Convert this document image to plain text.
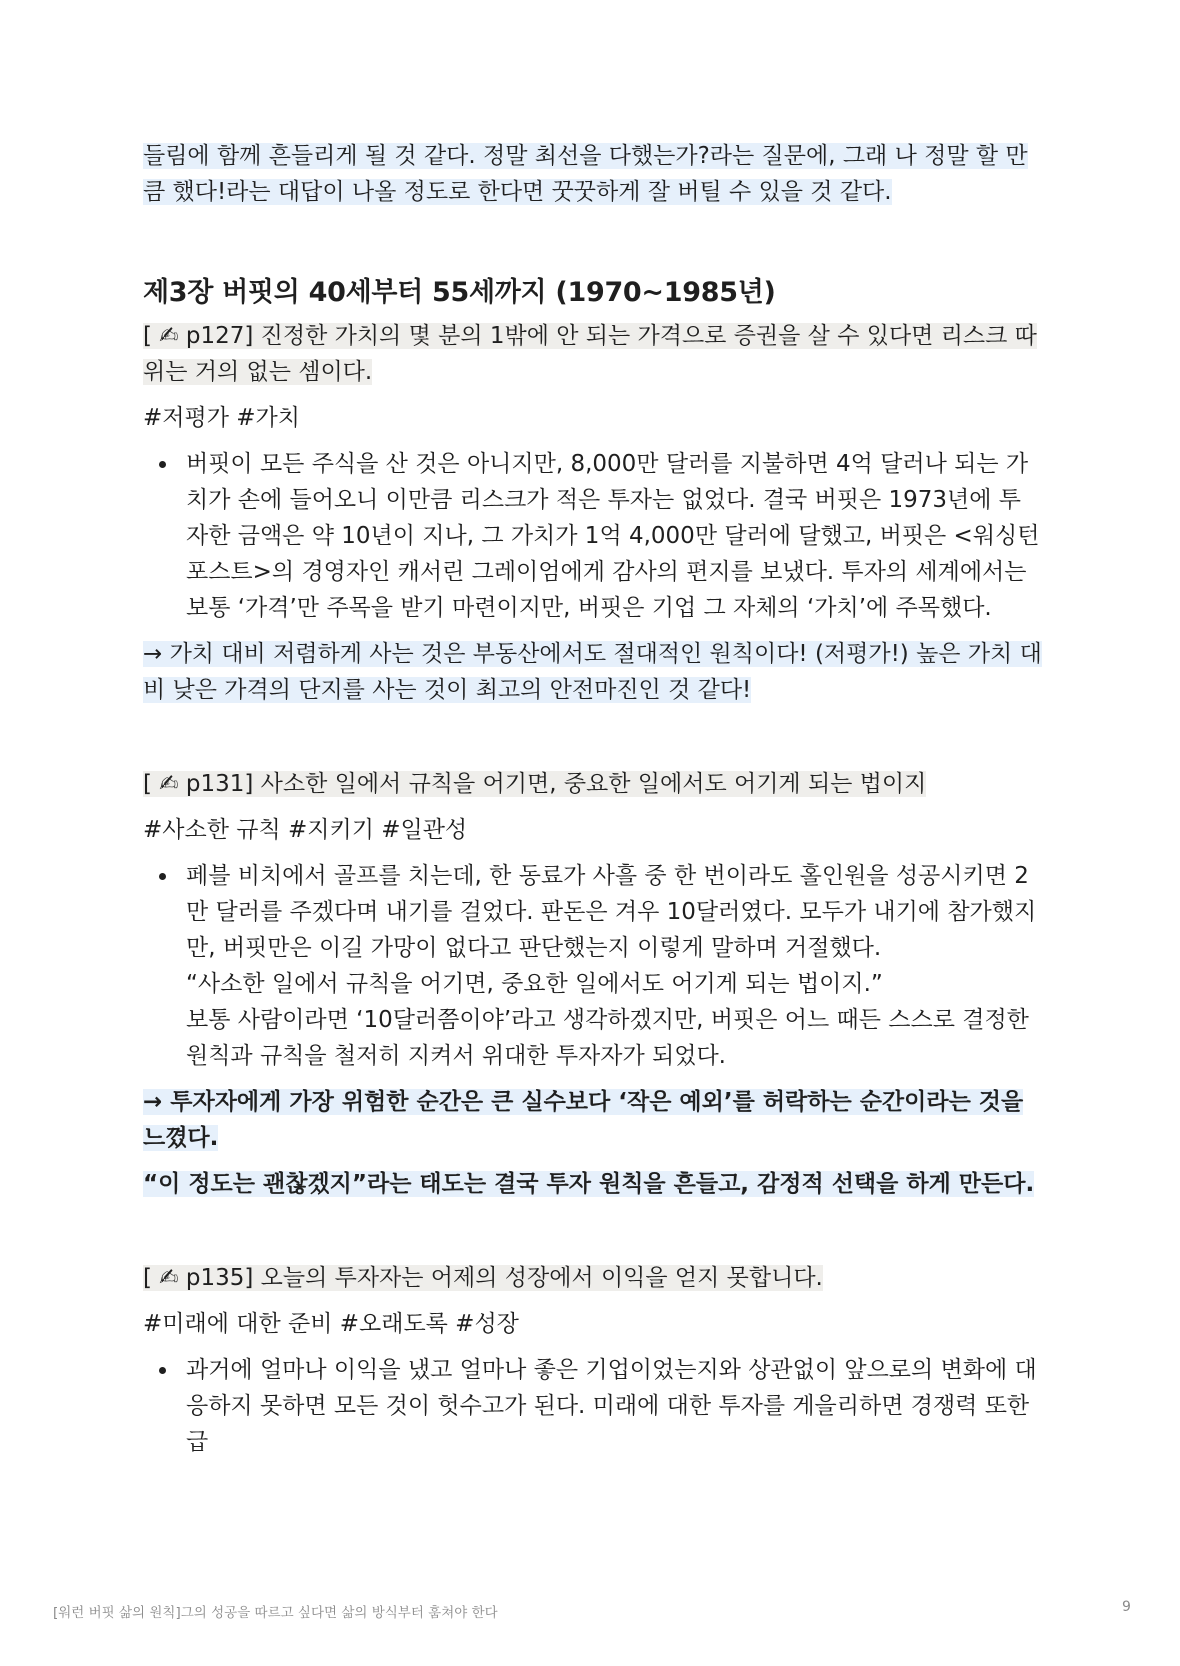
들림에 함께 흔들리게 될 것 같다. 정말 최선을 다했는가?라는 질문에, 그래 나 정말 할 만큼 했다!라는 대답이 나올 정도로 한다면 꿋꿋하게 잘 버틸 수 있을 것 같다.

제3장 버핏의 40세부터 55세까지 (1970~1985년)

[ ✍ p127] 진정한 가치의 몇 분의 1밖에 안 되는 가격으로 증권을 살 수 있다면 리스크 따위는 거의 없는 셈이다.

#저평가 #가치

버핏이 모든 주식을 산 것은 아니지만, 8,000만 달러를 지불하면 4억 달러나 되는 가치가 손에 들어오니 이만큼 리스크가 적은 투자는 없었다. 결국 버핏은 1973년에 투자한 금액은 약 10년이 지나, 그 가치가 1억 4,000만 달러에 달했고, 버핏은 <워싱턴 포스트>의 경영자인 캐서린 그레이엄에게 감사의 편지를 보냈다. 투자의 세계에서는 보통 ‘가격’만 주목을 받기 마련이지만, 버핏은 기업 그 자체의 ‘가치’에 주목했다.

→ 가치 대비 저렴하게 사는 것은 부동산에서도 절대적인 원칙이다! (저평가!) 높은 가치 대비 낮은 가격의 단지를 사는 것이 최고의 안전마진인 것 같다!

[ ✍ p131] 사소한 일에서 규칙을 어기면, 중요한 일에서도 어기게 되는 법이지

#사소한 규칙 #지키기 #일관성

페블 비치에서 골프를 치는데, 한 동료가 사흘 중 한 번이라도 홀인원을 성공시키면 2만 달러를 주겠다며 내기를 걸었다. 판돈은 겨우 10달러였다. 모두가 내기에 참가했지만, 버핏만은 이길 가망이 없다고 판단했는지 이렇게 말하며 거절했다.
“사소한 일에서 규칙을 어기면, 중요한 일에서도 어기게 되는 법이지.”
보통 사람이라면 ‘10달러쯤이야’라고 생각하겠지만, 버핏은 어느 때든 스스로 결정한 원칙과 규칙을 철저히 지켜서 위대한 투자자가 되었다.

→ 투자자에게 가장 위험한 순간은 큰 실수보다 ‘작은 예외’를 허락하는 순간이라는 것을 느꼈다.

“이 정도는 괜찮겠지”라는 태도는 결국 투자 원칙을 흔들고, 감정적 선택을 하게 만든다.

[ ✍ p135] 오늘의 투자자는 어제의 성장에서 이익을 얻지 못합니다.

#미래에 대한 준비 #오래도록 #성장

과거에 얼마나 이익을 냈고 얼마나 좋은 기업이었는지와 상관없이 앞으로의 변화에 대응하지 못하면 모든 것이 헛수고가 된다. 미래에 대한 투자를 게을리하면 경쟁력 또한 급
[워런 버핏 삶의 원칙]그의 성공을 따르고 싶다면 삶의 방식부터 훔쳐야 한다	9
